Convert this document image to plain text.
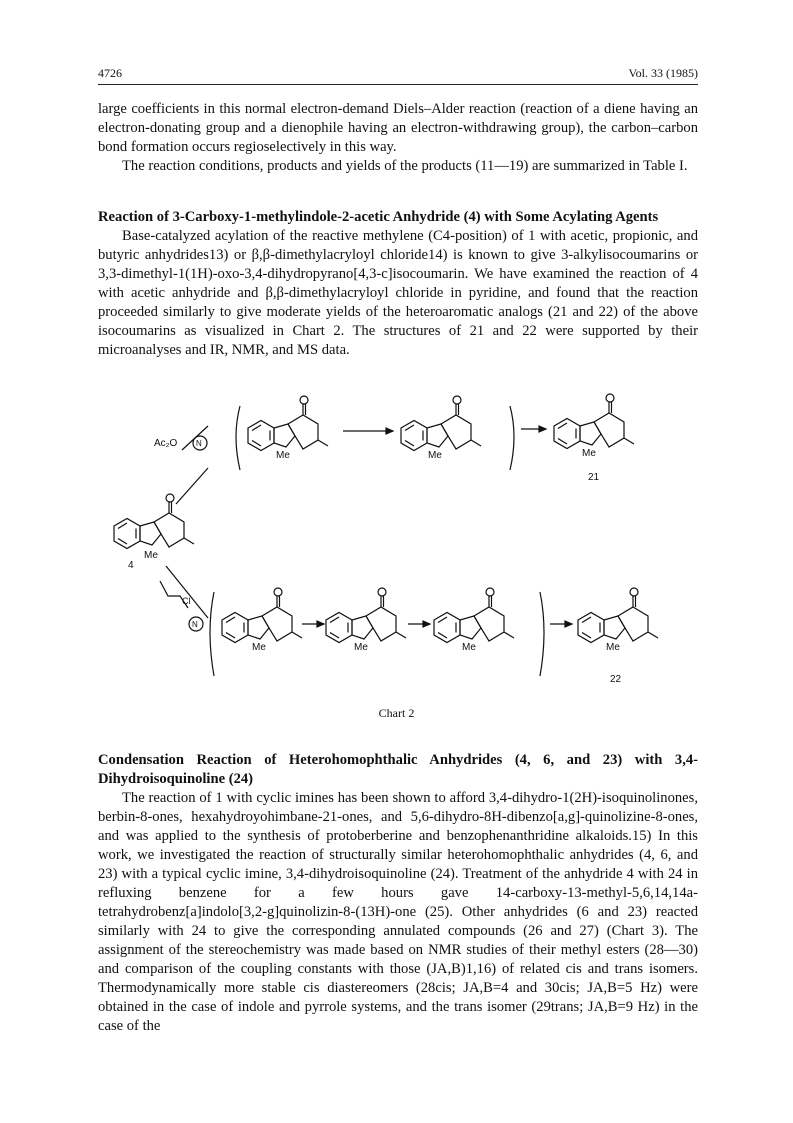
4726	Vol. 33 (1985)

large coefficients in this normal electron-demand Diels–Alder reaction (reaction of a diene having an electron-donating group and a dienophile having an electron-withdrawing group), the carbon–carbon bond formation occurs regioselectively in this way.

The reaction conditions, products and yields of the products (11—19) are summarized in Table I.

Reaction of 3-Carboxy-1-methylindole-2-acetic Anhydride (4) with Some Acylating Agents

Base-catalyzed acylation of the reactive methylene (C4-position) of 1 with acetic, propionic, and butyric anhydrides13) or β,β-dimethylacryloyl chloride14) is known to give 3-alkylisocoumarins or 3,3-dimethyl-1(1H)-oxo-3,4-dihydropyrano[4,3-c]isocoumarin. We have examined the reaction of 4 with acetic anhydride and β,β-dimethylacryloyl chloride in pyridine, and found that the reaction proceeded similarly to give moderate yields of the heteroaromatic analogs (21 and 22) of the above isocoumarins as visualized in Chart 2. The structures of 21 and 22 were supported by their microanalyses and IR, NMR, and MS data.

Ac₂O N
Me	Me	Me
21
Me
4
Cl
N
Me	Me	Me	Me
22
Chart 2

Condensation Reaction of Heterohomophthalic Anhydrides (4, 6, and 23) with 3,4-Dihydroisoquinoline (24)

The reaction of 1 with cyclic imines has been shown to afford 3,4-dihydro-1(2H)-isoquinolinones, berbin-8-ones, hexahydroyohimbane-21-ones, and 5,6-dihydro-8H-dibenzo[a,g]-quinolizine-8-ones, and was applied to the synthesis of protoberberine and benzophenanthridine alkaloids.15) In this work, we investigated the reaction of structurally similar heterohomophthalic anhydrides (4, 6, and 23) with a typical cyclic imine, 3,4-dihydroisoquinoline (24). Treatment of the anhydride 4 with 24 in refluxing benzene for a few hours gave 14-carboxy-13-methyl-5,6,14,14a-tetrahydrobenz[a]indolo[3,2-g]quinolizin-8-(13H)-one (25). Other anhydrides (6 and 23) reacted similarly with 24 to give the corresponding annulated compounds (26 and 27) (Chart 3). The assignment of the stereochemistry was made based on NMR studies of their methyl esters (28—30) and comparison of the coupling constants with those (JA,B)1,16) of related cis and trans isomers. Thermodynamically more stable cis diastereomers (28cis; JA,B=4 and 30cis; JA,B=5 Hz) were obtained in the case of indole and pyrrole systems, and the trans isomer (29trans; JA,B=9 Hz) in the case of the
